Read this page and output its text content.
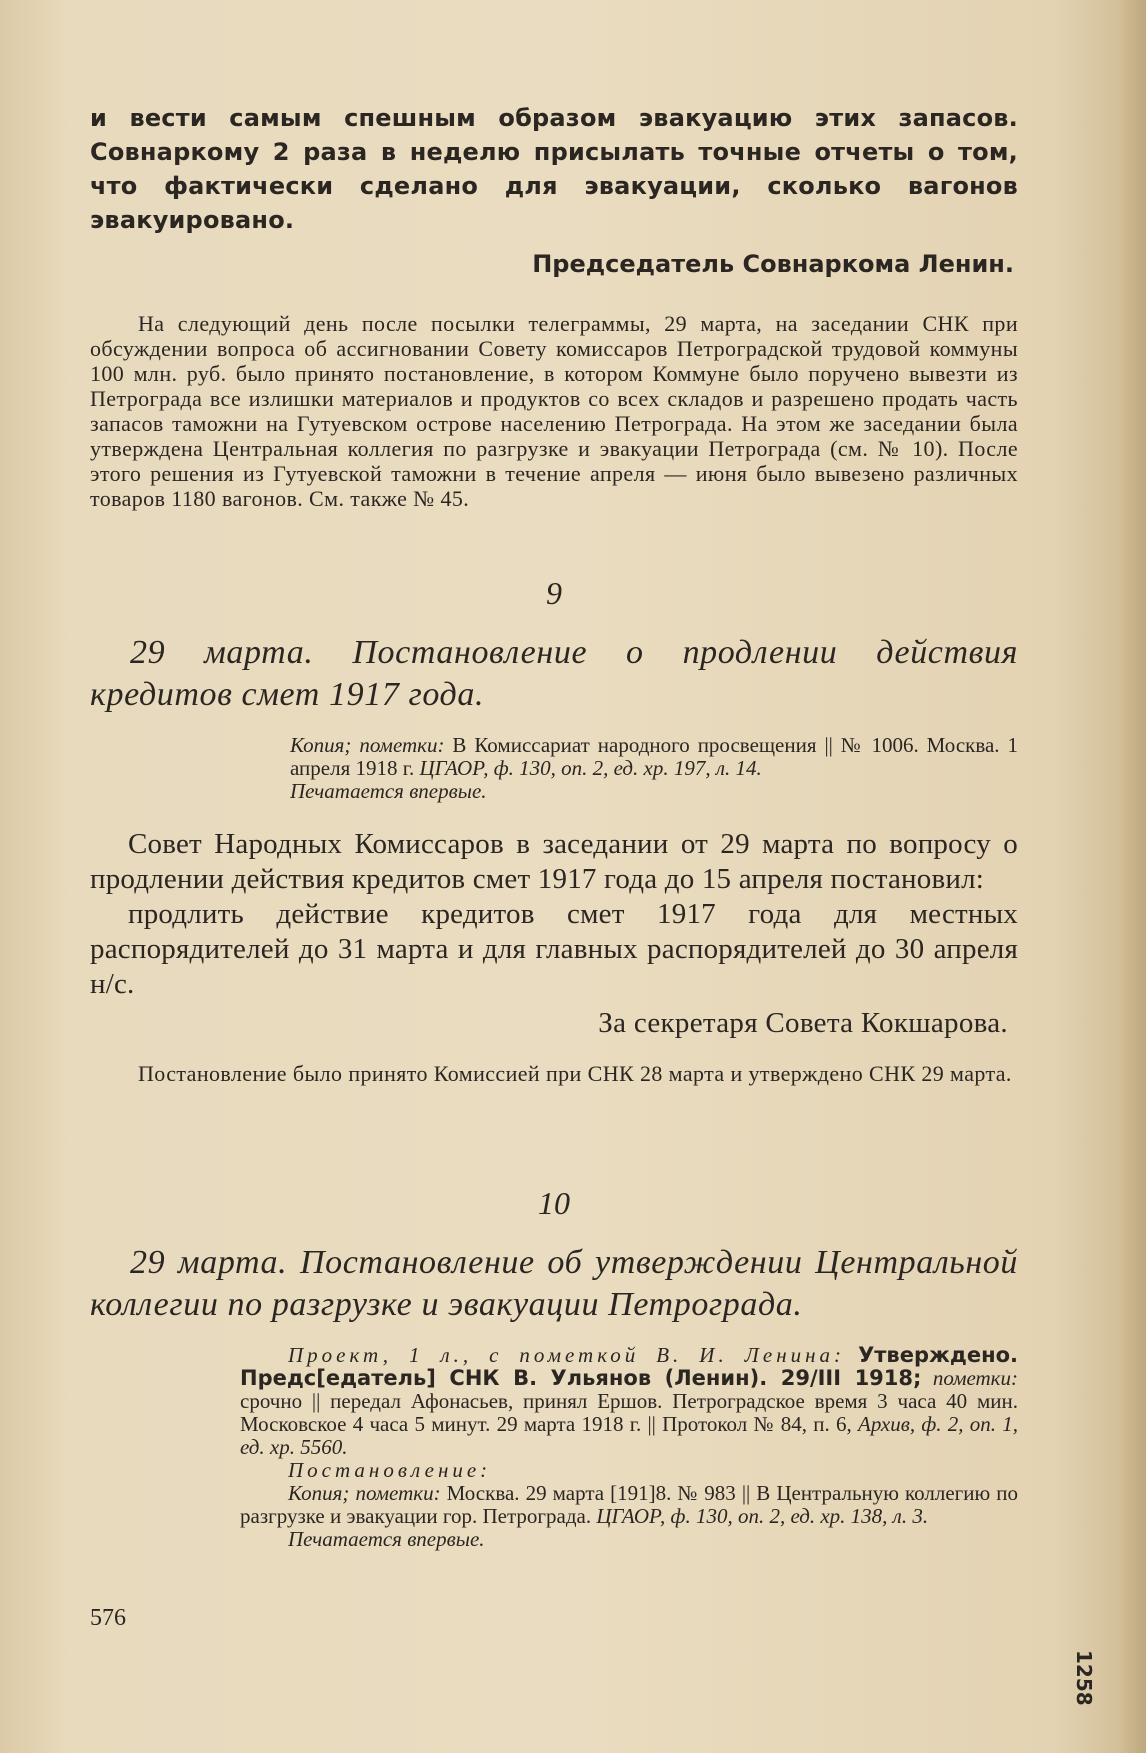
и вести самым спешным образом эвакуацию этих запасов. Совнаркому 2 раза в неделю присылать точные отчеты о том, что фактически сделано для эвакуации, сколько вагонов эвакуировано.

Председатель Совнаркома Ленин.

На следующий день после посылки телеграммы, 29 марта, на заседании СНК при обсуждении вопроса об ассигновании Совету комиссаров Петроградской трудовой коммуны 100 млн. руб. было принято постановление, в котором Коммуне было поручено вывезти из Петрограда все излишки материалов и продуктов со всех складов и разрешено продать часть запасов таможни на Гутуевском острове населению Петрограда. На этом же заседании была утверждена Центральная коллегия по разгрузке и эвакуации Петрограда (см. № 10). После этого решения из Гутуевской таможни в течение апреля — июня было вывезено различных товаров 1180 вагонов. См. также № 45.

9

29 марта. Постановление о продлении действия кредитов смет 1917 года.

Копия; пометки: В Комиссариат народного просвещения || № 1006. Москва. 1 апреля 1918 г. ЦГАОР, ф. 130, оп. 2, ед. хр. 197, л. 14.

Печатается впервые.

Совет Народных Комиссаров в заседании от 29 марта по вопросу о продлении действия кредитов смет 1917 года до 15 апреля постановил:

продлить действие кредитов смет 1917 года для местных распорядителей до 31 марта и для главных распорядителей до 30 апреля н/с.

За секретаря Совета Кокшарова.

Постановление было принято Комиссией при СНК 28 марта и утверждено СНК 29 марта.

10

29 марта. Постановление об утверждении Центральной коллегии по разгрузке и эвакуации Петрограда.

Проект, 1 л., с пометкой В. И. Ленина: Утверждено. Предс[едатель] СНК В. Ульянов (Ленин). 29/III 1918; пометки: срочно || передал Афонасьев, принял Ершов. Петроградское время 3 часа 40 мин. Московское 4 часа 5 минут. 29 марта 1918 г. || Протокол № 84, п. 6, Архив, ф. 2, оп. 1, ед. хр. 5560.

Постановление:

Копия; пометки: Москва. 29 марта [191]8. № 983 || В Центральную коллегию по разгрузке и эвакуации гор. Петрограда. ЦГАОР, ф. 130, оп. 2, ед. хр. 138, л. 3.

Печатается впервые.

576
1258
